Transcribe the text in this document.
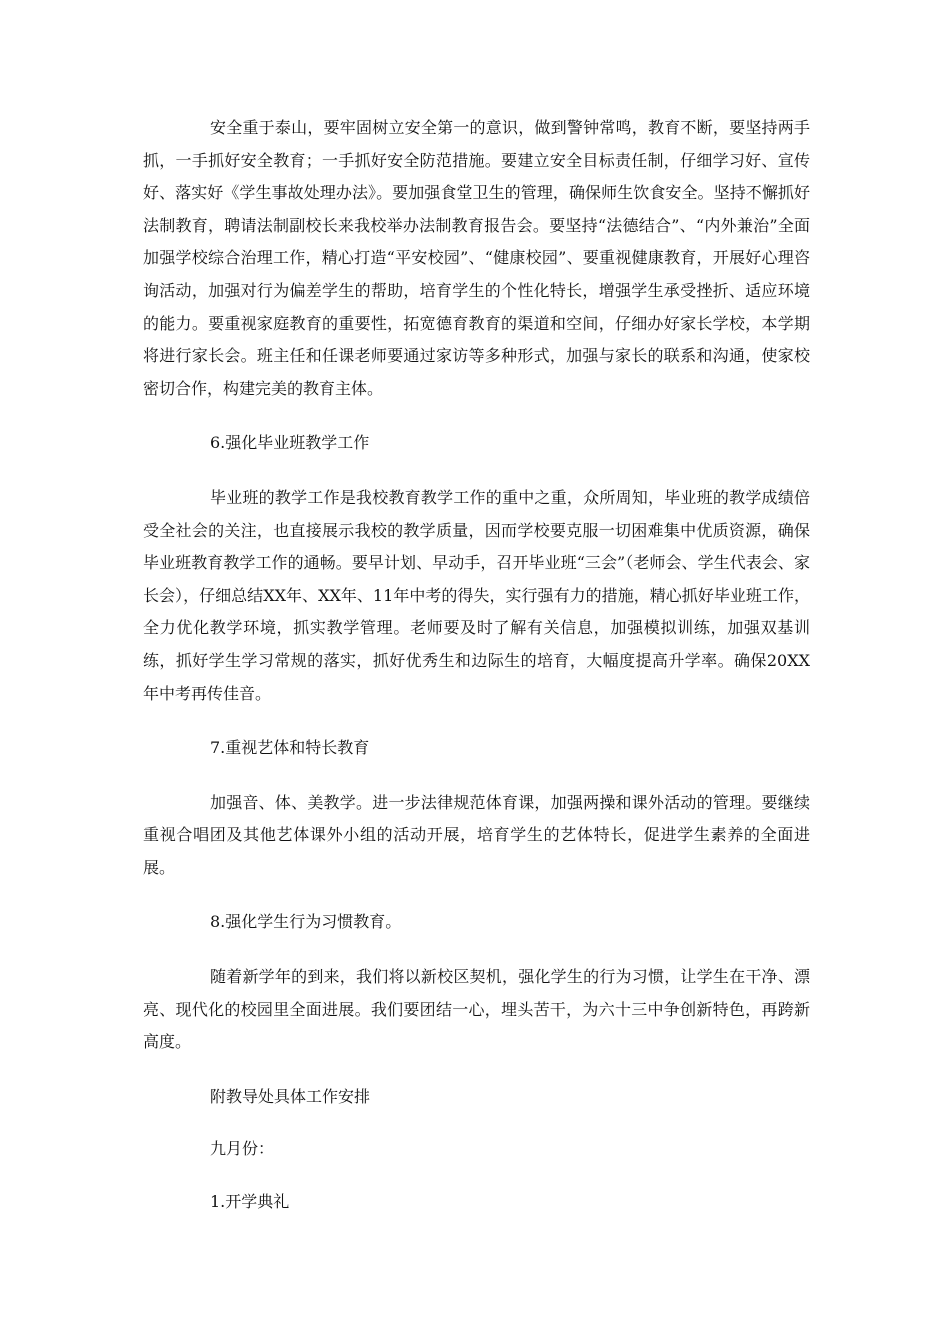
安全重于泰山，要牢固树立安全第一的意识，做到警钟常鸣，教育不断，要坚持两手抓，一手抓好安全教育；一手抓好安全防范措施。要建立安全目标责任制，仔细学习好、宣传好、落实好《学生事故处理办法》。要加强食堂卫生的管理，确保师生饮食安全。坚持不懈抓好法制教育，聘请法制副校长来我校举办法制教育报告会。要坚持“法德结合”、“内外兼治”全面加强学校综合治理工作，精心打造“平安校园”、“健康校园”、要重视健康教育，开展好心理咨询活动，加强对行为偏差学生的帮助，培育学生的个性化特长，增强学生承受挫折、适应环境的能力。要重视家庭教育的重要性，拓宽德育教育的渠道和空间，仔细办好家长学校，本学期将进行家长会。班主任和任课老师要通过家访等多种形式，加强与家长的联系和沟通，使家校密切合作，构建完美的教育主体。

6.强化毕业班教学工作

毕业班的教学工作是我校教育教学工作的重中之重，众所周知，毕业班的教学成绩倍受全社会的关注，也直接展示我校的教学质量，因而学校要克服一切困难集中优质资源，确保毕业班教育教学工作的通畅。要早计划、早动手，召开毕业班“三会”（老师会、学生代表会、家长会），仔细总结XX年、XX年、11年中考的得失，实行强有力的措施，精心抓好毕业班工作，全力优化教学环境，抓实教学管理。老师要及时了解有关信息，加强模拟训练，加强双基训练，抓好学生学习常规的落实，抓好优秀生和边际生的培育，大幅度提高升学率。确保20XX年中考再传佳音。

7.重视艺体和特长教育

加强音、体、美教学。进一步法律规范体育课，加强两操和课外活动的管理。要继续重视合唱团及其他艺体课外小组的活动开展，培育学生的艺体特长，促进学生素养的全面进展。

8.强化学生行为习惯教育。

随着新学年的到来，我们将以新校区契机，强化学生的行为习惯，让学生在干净、漂亮、现代化的校园里全面进展。我们要团结一心，埋头苦干，为六十三中争创新特色，再跨新高度。

附教导处具体工作安排

九月份：

1.开学典礼
